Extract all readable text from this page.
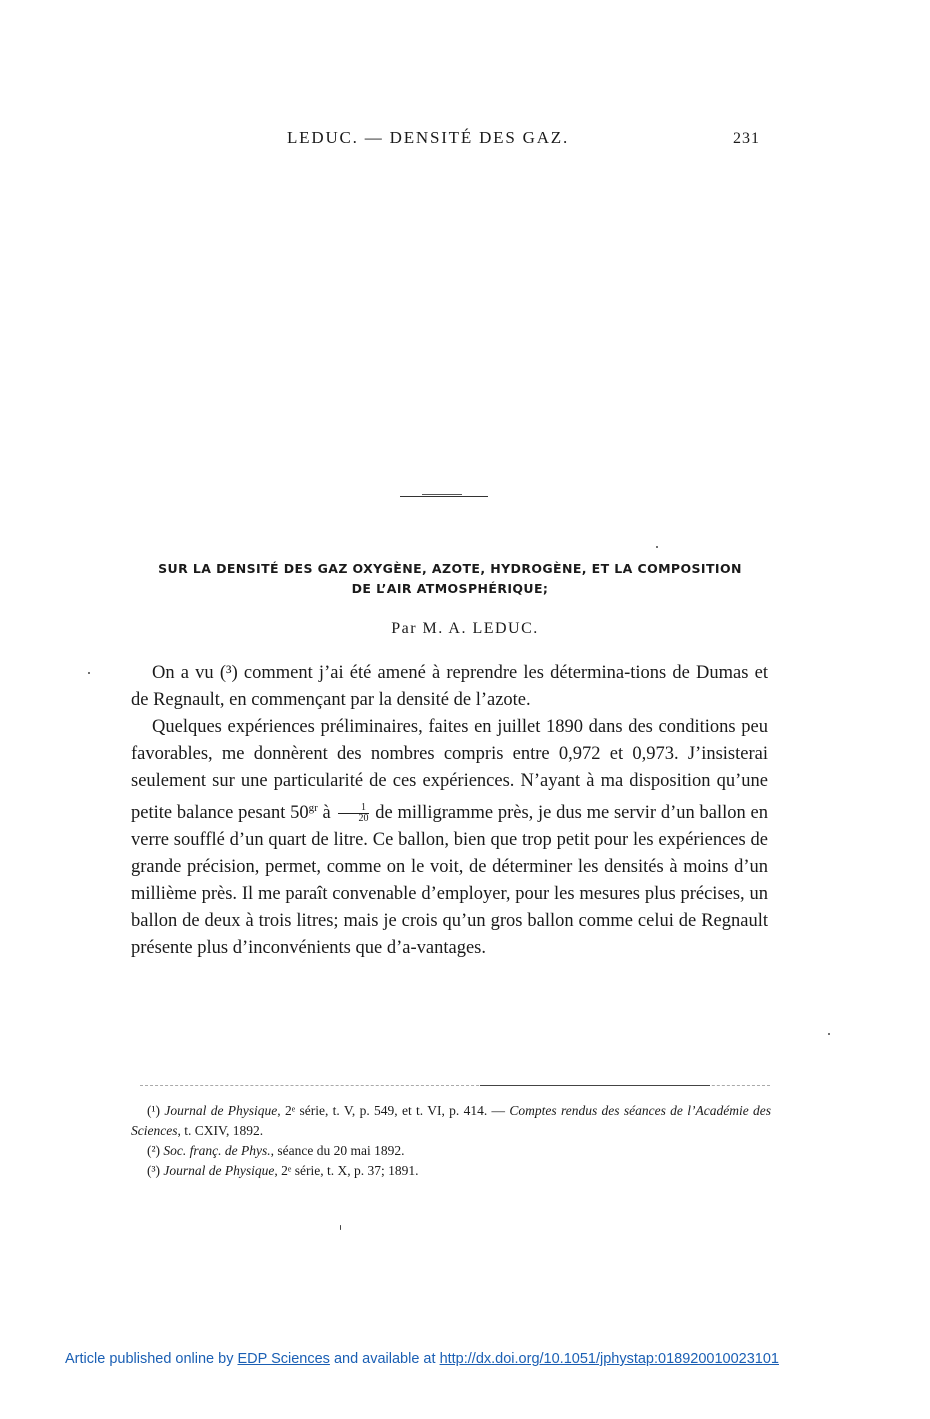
LEDUC. — DENSITÉ DES GAZ.	231
SUR LA DENSITÉ DES GAZ OXYGÈNE, AZOTE, HYDROGÈNE, ET LA COMPOSITION
DE L’AIR ATMOSPHÉRIQUE;
Par M. A. LEDUC.

On a vu (³) comment j’ai été amené à reprendre les détermina-tions de Dumas et de Regnault, en commençant par la densité de l’azote.

Quelques expériences préliminaires, faites en juillet 1890 dans des conditions peu favorables, me donnèrent des nombres compris entre 0,972 et 0,973. J’insisterai seulement sur une particularité de ces expériences. N’ayant à ma disposition qu’une petite balance pesant $50^{gr}$ à $\frac{1}{20}$ de milligramme près, je dus me servir d’un ballon en verre soufflé d’un quart de litre. Ce ballon, bien que trop petit pour les expériences de grande précision, permet, comme on le voit, de déterminer les densités à moins d’un millième près. Il me paraît convenable d’employer, pour les mesures plus précises, un ballon de deux à trois litres; mais je crois qu’un gros ballon comme celui de Regnault présente plus d’inconvénients que d’a-vantages.

(¹) Journal de Physique, 2ᵉ série, t. V, p. 549, et t. VI, p. 414. — Comptes rendus des séances de l’Académie des Sciences, t. CXIV, 1892.

(²) Soc. franç. de Phys., séance du 20 mai 1892.

(³) Journal de Physique, 2ᵉ série, t. X, p. 37; 1891.

Article published online by EDP Sciences and available at http://dx.doi.org/10.1051/jphystap:018920010023101
